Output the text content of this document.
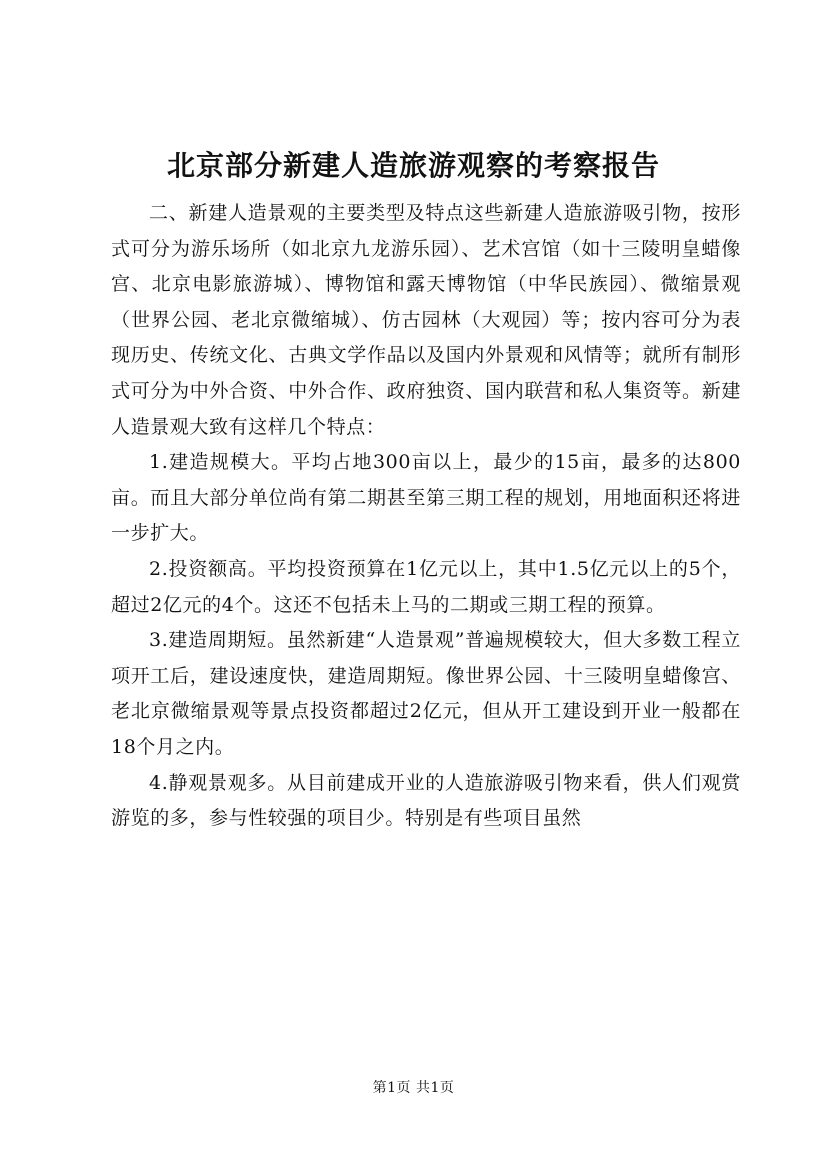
北京部分新建人造旅游观察的考察报告

二、新建人造景观的主要类型及特点这些新建人造旅游吸引物，按形式可分为游乐场所（如北京九龙游乐园）、艺术宫馆（如十三陵明皇蜡像宫、北京电影旅游城）、博物馆和露天博物馆（中华民族园）、微缩景观（世界公园、老北京微缩城）、仿古园林（大观园）等；按内容可分为表现历史、传统文化、古典文学作品以及国内外景观和风情等；就所有制形式可分为中外合资、中外合作、政府独资、国内联营和私人集资等。新建人造景观大致有这样几个特点：

1.建造规模大。平均占地300亩以上，最少的15亩，最多的达800亩。而且大部分单位尚有第二期甚至第三期工程的规划，用地面积还将进一步扩大。

2.投资额高。平均投资预算在1亿元以上，其中1.5亿元以上的5个，超过2亿元的4个。这还不包括未上马的二期或三期工程的预算。

3.建造周期短。虽然新建“人造景观”普遍规模较大，但大多数工程立项开工后，建设速度快，建造周期短。像世界公园、十三陵明皇蜡像宫、老北京微缩景观等景点投资都超过2亿元，但从开工建设到开业一般都在18个月之内。

4.静观景观多。从目前建成开业的人造旅游吸引物来看，供人们观赏游览的多，参与性较强的项目少。特别是有些项目虽然

第1页 共1页
